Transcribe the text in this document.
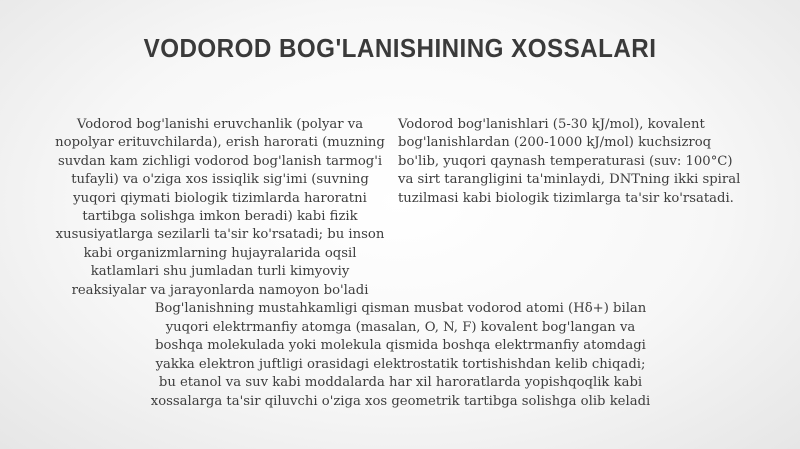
VODOROD BOG'LANISHINING XOSSALARI
Vodorod bog'lanishi eruvchanlik (polyar va nopolyar erituvchilarda), erish harorati (muzning suvdan kam zichligi vodorod bog'lanish tarmog'i tufayli) va o'ziga xos issiqlik sig'imi (suvning yuqori qiymati biologik tizimlarda haroratni tartibga solishga imkon beradi) kabi fizik xususiyatlarga sezilarli ta'sir ko'rsatadi; bu inson kabi organizmlarning hujayralarida oqsil katlamlari shu jumladan turli kimyoviy reaksiyalar va jarayonlarda namoyon bo'ladi
Vodorod bog'lanishlari (5-30 kJ/mol), kovalent bog'lanishlardan (200-1000 kJ/mol) kuchsizroq bo'lib, yuqori qaynash temperaturasi (suv: 100°C) va sirt tarangligini ta'minlaydi, DNTning ikki spiral tuzilmasi kabi biologik tizimlarga ta'sir ko'rsatadi.
Bog'lanishning mustahkamligi qisman musbat vodorod atomi (Hδ+) bilan yuqori elektrmanfiy atomga (masalan, O, N, F) kovalent bog'langan va boshqa molekulada yoki molekula qismida boshqa elektrmanfiy atomdagi yakka elektron juftligi orasidagi elektrostatik tortishishdan kelib chiqadi; bu etanol va suv kabi moddalarda har xil haroratlarda yopishqoqlik kabi xossalarga ta'sir qiluvchi o'ziga xos geometrik tartibga solishga olib keladi
